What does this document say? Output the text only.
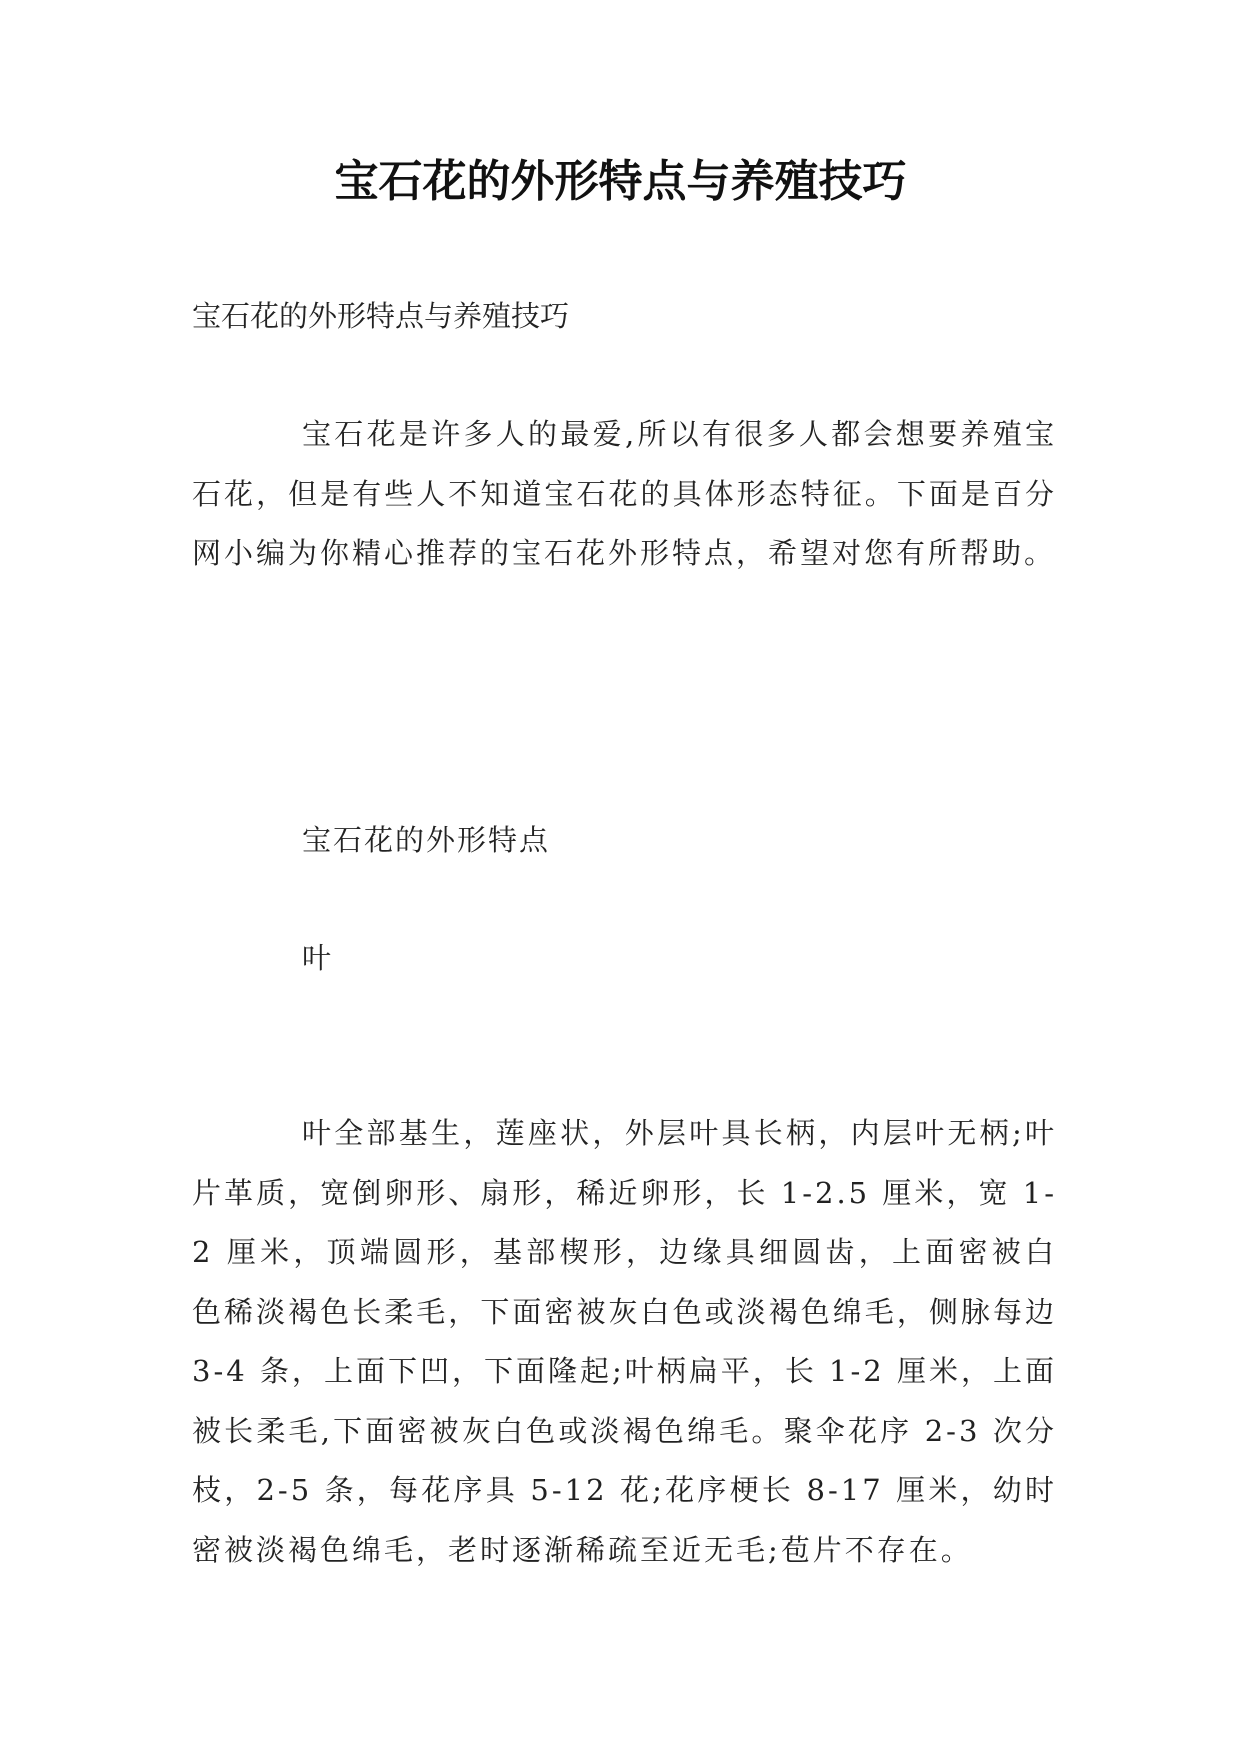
宝石花的外形特点与养殖技巧
宝石花的外形特点与养殖技巧
宝石花是许多人的最爱,所以有很多人都会想要养殖宝石花，但是有些人不知道宝石花的具体形态特征。下面是百分网小编为你精心推荐的宝石花外形特点，希望对您有所帮助。
宝石花的外形特点
叶
叶全部基生，莲座状，外层叶具长柄，内层叶无柄;叶片革质，宽倒卵形、扇形，稀近卵形，长 1-2.5 厘米，宽 1-2 厘米，顶端圆形，基部楔形，边缘具细圆齿，上面密被白色稀淡褐色长柔毛，下面密被灰白色或淡褐色绵毛，侧脉每边 3-4 条，上面下凹，下面隆起;叶柄扁平，长 1-2 厘米，上面被长柔毛,下面密被灰白色或淡褐色绵毛。聚伞花序 2-3 次分枝，2-5 条，每花序具 5-12 花;花序梗长 8-17 厘米，幼时密被淡褐色绵毛，老时逐渐稀疏至近无毛;苞片不存在。
